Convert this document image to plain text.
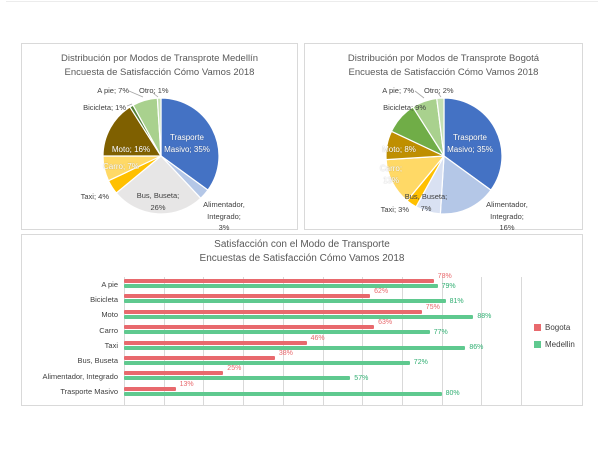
Distribución por Modos de Transprote Medellín
Encuesta de Satisfacción Cómo Vamos 2018
Trasporte
Masivo; 35%
Alimentador,
Integrado;
3%
Bus, Buseta;
26%
Taxi; 4%
Carro; 7%
Moto; 16%
Bicicleta; 1%
A pie; 7% Otro; 1%
Distribución por Modos de Transprote Bogotá
Encuesta de Satisfacción Cómo Vamos 2018
Trasporte
Masivo; 35%
Alimentador,
Integrado;
16%
Bus, Buseta;
7%
Taxi; 3%
Carro;
13%
Moto; 8%
Bicicleta; 9%
A pie; 7% Otro; 2%
Satisfacción con el Modo de Transporte
Encuestas de Satisfacción Cómo Vamos 2018
A pie
Bicicleta
Moto
Carro
Taxi
Bus, Buseta
Alimentador, Integrado
Trasporte Masivo
78%
79%
62%
81%
75%
88%
63%
77%
46%
86%
38%
72%
25%
57%
13%
80%
Bogota
Medellin
